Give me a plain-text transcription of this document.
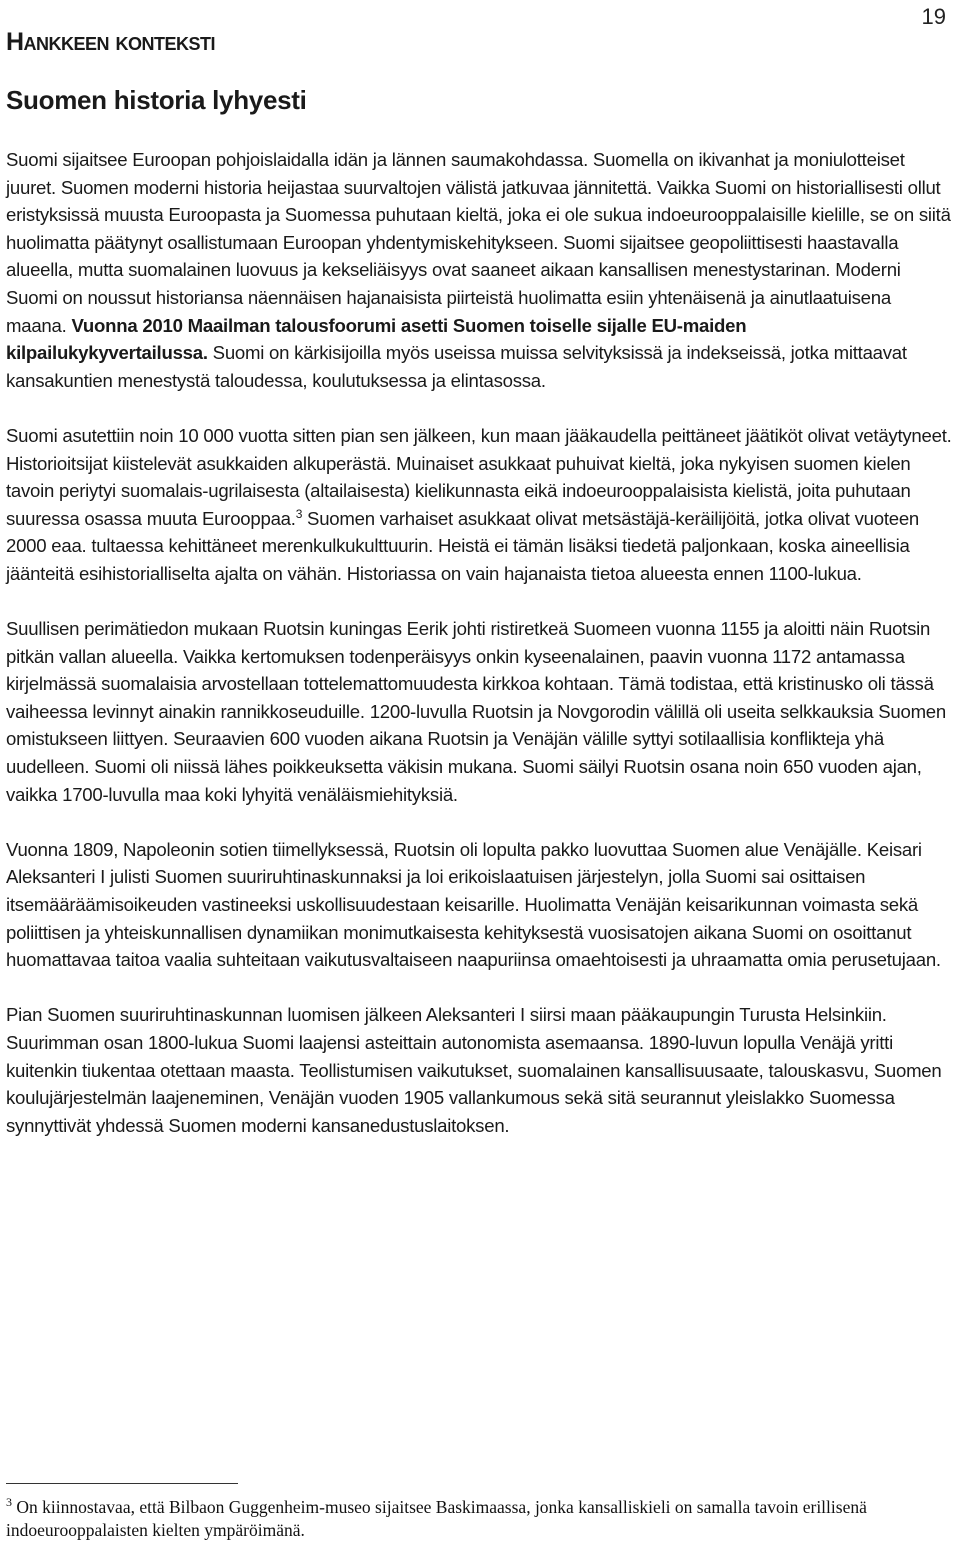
19
Hankkeen konteksti
Suomen historia lyhyesti

Suomi sijaitsee Euroopan pohjoislaidalla idän ja lännen saumakohdassa. Suomella on ikivanhat ja moniulotteiset juuret. Suomen moderni historia heijastaa suurvaltojen välistä jatkuvaa jännitettä. Vaikka Suomi on historiallisesti ollut eristyksissä muusta Euroopasta ja Suomessa puhutaan kieltä, joka ei ole sukua indoeurooppalaisille kielille, se on siitä huolimatta päätynyt osallistumaan Euroopan yhdentymiskehitykseen. Suomi sijaitsee geopoliittisesti haastavalla alueella, mutta suomalainen luovuus ja kekseliäisyys ovat saaneet aikaan kansallisen menestystarinan. Moderni Suomi on noussut historiansa näennäisen hajanaisista piirteistä huolimatta esiin yhtenäisenä ja ainutlaatuisena maana. Vuonna 2010 Maailman talousfoorumi asetti Suomen toiselle sijalle EU-maiden kilpailukykyvertailussa. Suomi on kärkisijoilla myös useissa muissa selvityksissä ja indekseissä, jotka mittaavat kansakuntien menestystä taloudessa, koulutuksessa ja elintasossa.

Suomi asutettiin noin 10 000 vuotta sitten pian sen jälkeen, kun maan jääkaudella peittäneet jäätiköt olivat vetäytyneet. Historioitsijat kiistelevät asukkaiden alkuperästä. Muinaiset asukkaat puhuivat kieltä, joka nykyisen suomen kielen tavoin periytyi suomalais-ugrilaisesta (altailaisesta) kielikunnasta eikä indoeurooppalaisista kielistä, joita puhutaan suuressa osassa muuta Eurooppaa.$^3$ Suomen varhaiset asukkaat olivat metsästäjä-keräilijöitä, jotka olivat vuoteen 2000 eaa. tultaessa kehittäneet merenkulkukulttuurin. Heistä ei tämän lisäksi tiedetä paljonkaan, koska aineellisia jäänteitä esihistorialliselta ajalta on vähän. Historiassa on vain hajanaista tietoa alueesta ennen 1100-lukua.

Suullisen perimätiedon mukaan Ruotsin kuningas Eerik johti ristiretkeä Suomeen vuonna 1155 ja aloitti näin Ruotsin pitkän vallan alueella. Vaikka kertomuksen todenperäisyys onkin kyseenalainen, paavin vuonna 1172 antamassa kirjelmässä suomalaisia arvostellaan tottelemattomuudesta kirkkoa kohtaan. Tämä todistaa, että kristinusko oli tässä vaiheessa levinnyt ainakin rannikkoseuduille. 1200-luvulla Ruotsin ja Novgorodin välillä oli useita selkkauksia Suomen omistukseen liittyen. Seuraavien 600 vuoden aikana Ruotsin ja Venäjän välille syttyi sotilaallisia konflikteja yhä uudelleen. Suomi oli niissä lähes poikkeuksetta väkisin mukana. Suomi säilyi Ruotsin osana noin 650 vuoden ajan, vaikka 1700-luvulla maa koki lyhyitä venäläismiehityksiä.

Vuonna 1809, Napoleonin sotien tiimellyksessä, Ruotsin oli lopulta pakko luovuttaa Suomen alue Venäjälle. Keisari Aleksanteri I julisti Suomen suuriruhtinaskunnaksi ja loi erikoislaatuisen järjestelyn, jolla Suomi sai osittaisen itsemääräämisoikeuden vastineeksi uskollisuudestaan keisarille. Huolimatta Venäjän keisarikunnan voimasta sekä poliittisen ja yhteiskunnallisen dynamiikan monimutkaisesta kehityksestä vuosisatojen aikana Suomi on osoittanut huomattavaa taitoa vaalia suhteitaan vaikutusvaltaiseen naapuriinsa omaehtoisesti ja uhraamatta omia perusetujaan.

Pian Suomen suuriruhtinaskunnan luomisen jälkeen Aleksanteri I siirsi maan pääkaupungin Turusta Helsinkiin. Suurimman osan 1800-lukua Suomi laajensi asteittain autonomista asemaansa. 1890-luvun lopulla Venäjä yritti kuitenkin tiukentaa otettaan maasta. Teollistumisen vaikutukset, suomalainen kansallisuusaate, talouskasvu, Suomen koulujärjestelmän laajeneminen, Venäjän vuoden 1905 vallankumous sekä sitä seurannut yleislakko Suomessa synnyttivät yhdessä Suomen moderni kansanedustuslaitoksen.

$^3$ On kiinnostavaa, että Bilbaon Guggenheim-museo sijaitsee Baskimaassa, jonka kansalliskieli on samalla tavoin erillisenä indoeurooppalaisten kielten ympäröimänä.
